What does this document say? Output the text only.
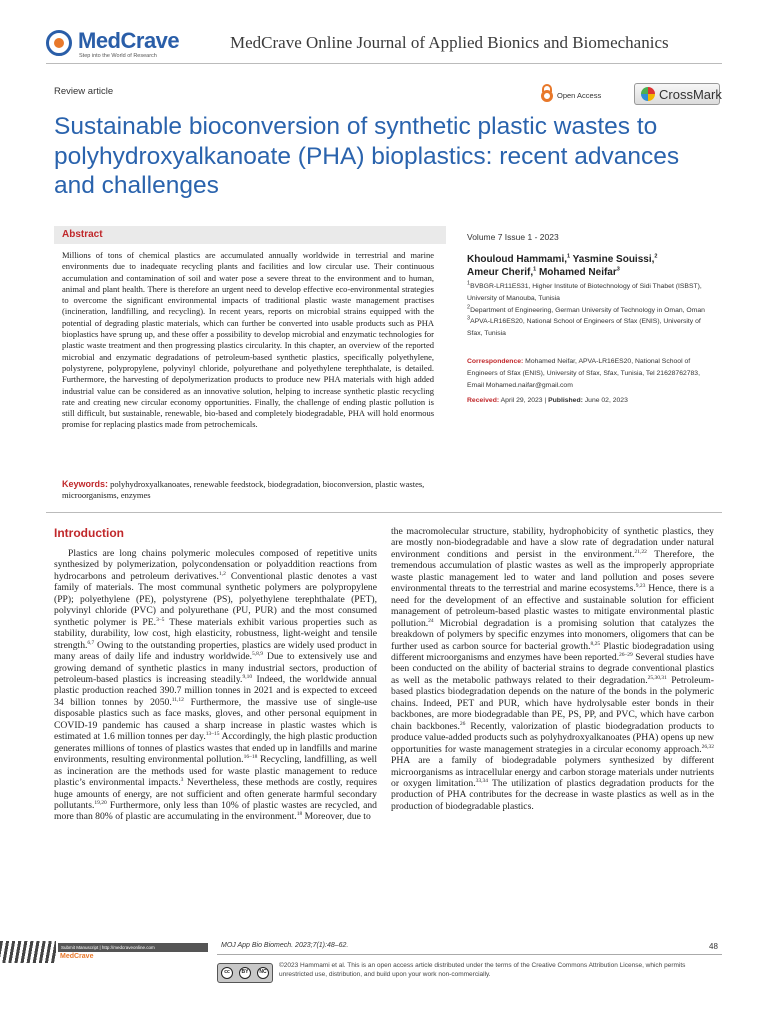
MedCrave
Step into the World of Research
MedCrave Online Journal of Applied Bionics and Biomechanics
Review article	Open Access	CrossMark
Sustainable bioconversion of synthetic plastic wastes to polyhydroxyalkanoate (PHA) bioplastics: recent advances and challenges
Abstract

Millions of tons of chemical plastics are accumulated annually worldwide in terrestrial and marine environments due to inadequate recycling plants and facilities and low circular use. Their continuous accumulation and contamination of soil and water pose a severe threat to the environment and to human, animal and plant health. There is therefore an urgent need to develop effective eco-environmental strategies to overcome the significant environmental impacts of traditional plastic waste management practises (incineration, landfilling, and recycling). In recent years, reports on microbial strains equipped with the potential of degrading plastic materials, which can further be converted into usable products such as PHA bioplastics have sprung up, and these offer a possibility to develop microbial and enzymatic technologies for plastic waste treatment and then progressing plastics circularity. In this chapter, an overview of the reported microbial and enzymatic degradations of petroleum-based synthetic plastics, specifically polyethylene, polystyrene, polypropylene, polyvinyl chloride, polyurethane and polyethylene terephthalate, is detailed. Furthermore, the harvesting of depolymerization products to produce new PHA materials with high added industrial value can be considered as an innovative solution, helping to increase synthetic plastic recycling rate and creating new circular economy opportunities. Finally, the challenge of ending plastic pollution is still difficult, but sustainable, renewable, bio-based and completely biodegradable, PHA will hold enormous promise for replacing plastics made from petrochemicals.

Keywords: polyhydroxyalkanoates, renewable feedstock, biodegradation, bioconversion, plastic wastes, microorganisms, enzymes

Volume 7 Issue 1 - 2023

Khoulоud Hammami,$^1$ Yasmine Souissi,$^2$
Ameur Cherif,$^1$ Mohamed Neifar$^3$

$^1$BVBGR-LR11ES31, Higher Institute of Biotechnology of Sidi Thabet (ISBST), University of Manouba, Tunisia

$^2$Department of Engineering, German University of Technology in Oman, Oman

$^3$APVA-LR16ES20, National School of Engineers of Sfax (ENIS), University of Sfax, Tunisia

Correspondence: Mohamed Neifar, APVA-LR16ES20, National School of Engineers of Sfax (ENIS), University of Sfax, Sfax, Tunisia, Tel 21628762783, Email Mohamed.naifar@gmail.com

Received: April 29, 2023 | Published: June 02, 2023

Introduction

Plastics are long chains polymeric molecules composed of repetitive units synthesized by polymerization, polycondensation or polyaddition reactions from hydrocarbons and petroleum derivatives.$^{1,2}$ Conventional plastic denotes a vast family of materials. The most communal synthetic polymers are polypropylene (PP); polyethylene (PE), polystyrene (PS), polyethylene terephthalate (PET), polyvinyl chloride (PVC) and polyurethane (PU, PUR) and the most consumed synthetic polymer is PE.$^{3-5}$ These materials exhibit various properties such as stability, durability, low cost, high elasticity, robustness, light-weight and tensile strength.$^{6,7}$ Owing to the outstanding properties, plastics are widely used product in many areas of daily life and industry worldwide.$^{5,8,9}$ Due to extensively use and growing demand of synthetic plastics in many industrial sectors, production of petroleum-based plastics is increasing steadily.$^{9,10}$ Indeed, the worldwide annual plastic production reached 390.7 million tonnes in 2021 and is expected to exceed 34 billion tonnes by 2050.$^{11,12}$ Furthermore, the massive use of single-use disposable plastics such as face masks, gloves, and other personal equipment in COVID-19 pandemic has caused a sharp increase in plastic wastes which is estimated at 1.6 million tonnes per day.$^{13-15}$ Accordingly, the high plastic production generates millions of tonnes of plastics wastes that ended up in landfills and marine environments, resulting environmental pollution.$^{16-18}$ Recycling, landfilling, as well as incineration are the methods used for waste plastic management to reduce plastic’s environmental impacts.$^3$ Nevertheless, these methods are costly, requires huge amounts of energy, are not sufficient and often generate harmful secondary pollutants.$^{19,20}$ Furthermore, only less than 10% of plastic wastes are recycled, and more than 80% of plastic are accumulating in the environment.$^{18}$ Moreover, due to

the macromolecular structure, stability, hydrophobicity of synthetic plastics, they are mostly non-biodegradable and have a slow rate of degradation under natural environment conditions and persist in the environment.$^{21,22}$ Therefore, the tremendous accumulation of plastic wastes as well as the improperly appropriate waste plastic management led to water and land pollution and poses severe environmental threats to the terrestrial and marine ecosystems.$^{9,23}$ Hence, there is a need for the development of an effective and sustainable solution for efficient management of petroleum-based plastic wastes to mitigate environmental plastic pollution.$^{24}$ Microbial degradation is a promising solution that catalyzes the breakdown of polymers by specific enzymes into monomers, oligomers that can be further used as carbon source for bacterial growth.$^{8,25}$ Plastic biodegradation using different microorganisms and enzymes have been reported.$^{26-29}$ Several studies have been conducted on the ability of bacterial strains to degrade conventional plastics as well as the metabolic pathways related to their degradation.$^{25,30,31}$ Petroleum-based plastics biodegradation depends on the nature of the bonds in the polymeric chains. Indeed, PET and PUR, which have hydrolysable ester bonds in their backbones, are more biodegradable than PE, PS, PP, and PVC, which have carbon chain backbones.$^{26}$ Recently, valorization of plastic biodegradation products to produce value-added products such as polyhydroxyalkanoates (PHA) opens up new opportunities for waste management strategies in a circular economy approach.$^{26,32}$ PHA are a family of biodegradable polymers synthesized by different microorganisms as intracellular energy and carbon storage materials under nutrients or oxygen limitation.$^{33,34}$ The utilization of plastics degradation products for the production of PHA contributes for the decrease in waste plastics as well as in the production of biodegradable plastics.

Submit Manuscript | http://medcraveonline.com
MedCrave
MOJ App Bio Biomech. 2023;7(1):48‒62.	48
cc	BY	NC

©2023 Hammami et al. This is an open access article distributed under the terms of the Creative Commons Attribution License, which permits unrestricted use, distribution, and build upon your work non-commercially.
